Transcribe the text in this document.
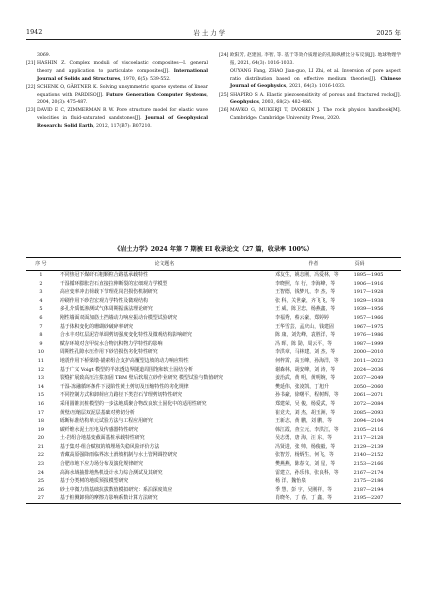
1942	岩 土 力 学	2025 年
3069.
[21] HASHIN Z. Complex moduli of viscoelastic composites—I. general theory and application to particulate composites[J]. International Journal of Solids and Structures, 1970, 6(5): 539-552.
[22] SCHENK O, GÄRTNER K. Solving unsymmetric sparse systems of linear equations with PARDISO[J]. Future Generation Computer Systems, 2004, 20(3): 475-487.
[23] DAVID E C, ZIMMERMAN R W. Pore structure model for elastic wave velocities in fluid-saturated sandstones[J]. Journal of Geophysical Research: Solid Earth, 2012, 117(B7): B07210.
[24] 欧阳芳, 赵建国, 李智, 等. 基于等效介质理论的孔隙纵横比分布反演[J]. 地球物理学报, 2021, 64(3): 1016-1033.
OUYANG Fang, ZHAO Jian-guo, LI Zhi, et al. Inversion of pore aspect ratio distribution based on effective medium theories[J]. Chinese Journal of Geophysics, 2021, 64(3): 1016-1033.
[25] SHAPIRO S A. Elastic piezosensitivity of porous and fractured rocks[J]. Geophysics, 2003, 68(2): 482-486.
[26] MAVKO G, MUKERJI T, DVORKIN J. The rock physics handbook[M]. Cambridge: Cambridge University Press, 2020.
《岩土力学》2024 年第 7 期被 EI 收录论文（27 篇，收录率 100%）
序 号	论文题名	作者	页码
1	不同热冠下煤矸石粗颗粒合路基承载特性	邓友生，姚志刚，冯爱林，等	1895—1905
2	干湿循环膨胀岩石直接拉伸断裂的宏细观力学模型	李晓照，车 行，李海峰，等	1906—1916
3	高应变率冲击荷载下节理花岗岩损伤机制研究	王智德，钱梦凡，李 杰，等	1917—1928
4	冲刷作用下砂岩宏观力学特性及微观结构	张 科，关世豪，齐飞飞，等	1929—1938
5	多孔介质低渗测试气体周期振荡法理论研究	王 威，陈卫忠，杨燕鑫，等	1939—1956
6	刚性墙面双面加筋土挡墙动力响应振动台模型试验研究	李福秀，蔡云豪，郑婷婷	1957—1966
7	基于体积变化的珊瑚砂破碎率研究	王华雪芸，孟庆山，钱建固	1967—1975
8	合水丰对红层泥岩单调剪切强度变化特性及微观结构影响研究	陈 康，刘先峰，袁胜洋，等	1976—1986
9	赋存环境对含甲烷水合物沉积物力学特性的影响	冯 晖，陈 勋，周云平，等	1987—1999
10	周期性孔隙水压作用下砂岩损伤劣化特性研究	李洪章，马林建，刘 杰，等	2000—2010
11	地震作用下桥梁墩-锚索组合支护高覆型边坡的动力响应特性	何梓霄，高玉峰，孙海洋，等	2011—2023
12	基于广义 Voigt 模型的半冻透边界隧道周围饱和软土固结分析	谢森林，胡安峰，刘 涛，等	2024—2036
13	裂缝扩展致高压注浆加固 TBM 壁后软塌立砂作业研究 模型试验与数值研究	姜治武，黄 明，黄明婉，等	2037—2049
14	干湿-冻融循环条件下浸陷性黄土剪切及压缩特性的劣化规律	樊延伟，张凌凯，丁旭升	2050—2060
15	不同控制方式和卸荷应力路径下类岩石节理剪切特性研究	孙书豪，徐曙平，程树辉，等	2061—2071
16	采用圆锥沉桩模型的一步法地质聚合物改良软土固化中的适用性研究	郑建荣，吴 俊，杨爱武，等	2072—2084
17	黄壁/压缩层双泥层基础对剪切分析	崔竞夫，刘 杰，胡玉洲，等	2085—2093
18	砾断标准结构单元试验方法与工程应用研究	王新志，黄 鹏，刘 鹏，等	2094—2104
19	碳纤维水泥土压电及传感器特性研究	韩江霞，查立元，李洪江，等	2105—2116
20	土-岩组合地基变截面基桩承载特性研究	吴志勇，唐 海，汪 东，等	2117—2128
21	基于集对-组合赋权的填埋场失稳风险评价方法	冯贤进，张 帅，杨俊毅，等	2129—2139
22	青藏高原强降雨临界冻土滑坡机制与水土管网调控研究	张智芳，杨炳生，何飞，等	2140—2152
23	合肥市地下应力场分布及演化规律研究	樊燕燕，陈春文，刘 星，等	2153—2166
24	高海水域抽排地热机设计水力综合测试及其研究	雷建立，孙乐伟，张良科，等	2167—2174
25	基于分类树的地质预报模型研究	杨 洋，魏怡泉	2175—2186
26	砂土中微力筒基础抗拔数值模拟研究：系泊深度效应	季 慧，彭 宇，吴刚祥，等	2187—2194
27	基于桩侧卸荷的摩擦力影响系数计算方法研究	肖晓冬，丁 春，丁 鑫，等	2195—2207
